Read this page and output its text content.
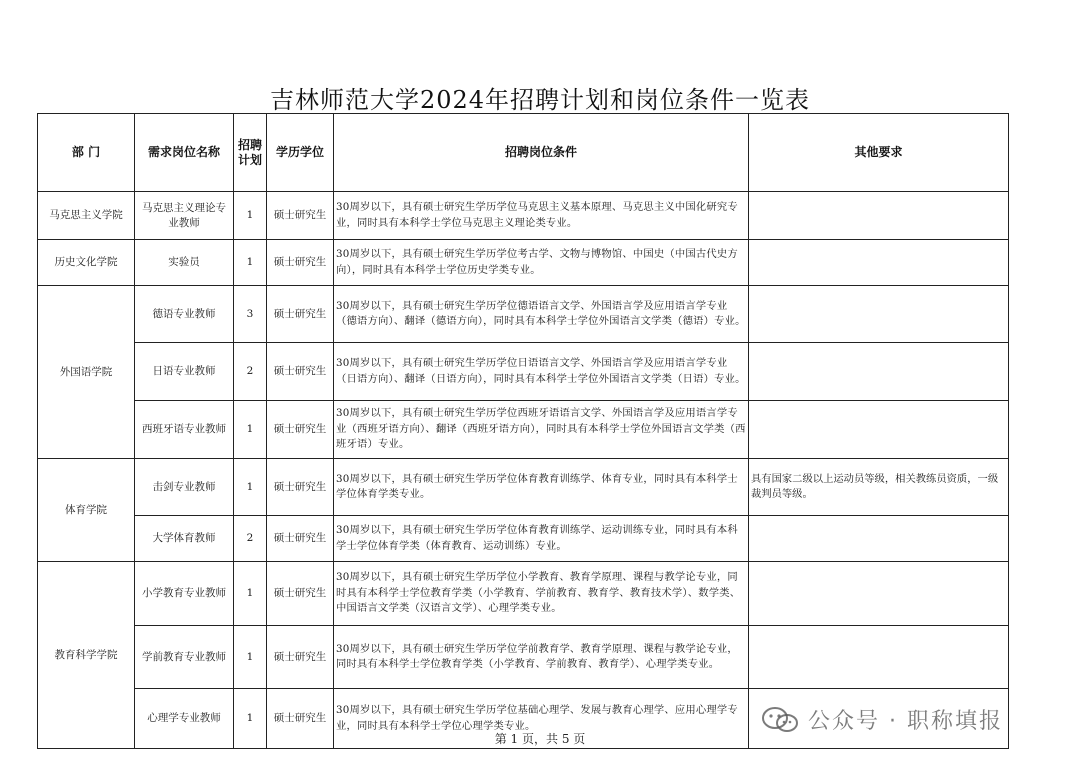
吉林师范大学2024年招聘计划和岗位条件一览表
部 门	需求岗位名称	招聘计划	学历学位	招聘岗位条件	其他要求
马克思主义学院	马克思主义理论专业教师	1	硕士研究生	30周岁以下，具有硕士研究生学历学位马克思主义基本原理、马克思主义中国化研究专业，同时具有本科学士学位马克思主义理论类专业。	
历史文化学院	实验员	1	硕士研究生	30周岁以下，具有硕士研究生学历学位考古学、文物与博物馆、中国史（中国古代史方向），同时具有本科学士学位历史学类专业。	
外国语学院	德语专业教师	3	硕士研究生	30周岁以下，具有硕士研究生学历学位德语语言文学、外国语言学及应用语言学专业（德语方向）、翻译（德语方向），同时具有本科学士学位外国语言文学类（德语）专业。	
	日语专业教师	2	硕士研究生	30周岁以下，具有硕士研究生学历学位日语语言文学、外国语言学及应用语言学专业（日语方向）、翻译（日语方向），同时具有本科学士学位外国语言文学类（日语）专业。	
	西班牙语专业教师	1	硕士研究生	30周岁以下，具有硕士研究生学历学位西班牙语语言文学、外国语言学及应用语言学专业（西班牙语方向）、翻译（西班牙语方向），同时具有本科学士学位外国语言文学类（西班牙语）专业。	
体育学院	击剑专业教师	1	硕士研究生	30周岁以下，具有硕士研究生学历学位体育教育训练学、体育专业，同时具有本科学士学位体育学类专业。	具有国家二级以上运动员等级，相关教练员资质，一级裁判员等级。
	大学体育教师	2	硕士研究生	30周岁以下，具有硕士研究生学历学位体育教育训练学、运动训练专业，同时具有本科学士学位体育学类（体育教育、运动训练）专业。	
教育科学学院	小学教育专业教师	1	硕士研究生	30周岁以下，具有硕士研究生学历学位小学教育、教育学原理、课程与教学论专业，同时具有本科学士学位教育学类（小学教育、学前教育、教育学、教育技术学）、数学类、中国语言文学类（汉语言文学）、心理学类专业。	
	学前教育专业教师	1	硕士研究生	30周岁以下，具有硕士研究生学历学位学前教育学、教育学原理、课程与教学论专业，同时具有本科学士学位教育学类（小学教育、学前教育、教育学）、心理学类专业。	
	心理学专业教师	1	硕士研究生	30周岁以下，具有硕士研究生学历学位基础心理学、发展与教育心理学、应用心理学专业，同时具有本科学士学位心理学类专业。	
第 1 页，共 5 页
公众号 · 职称填报
